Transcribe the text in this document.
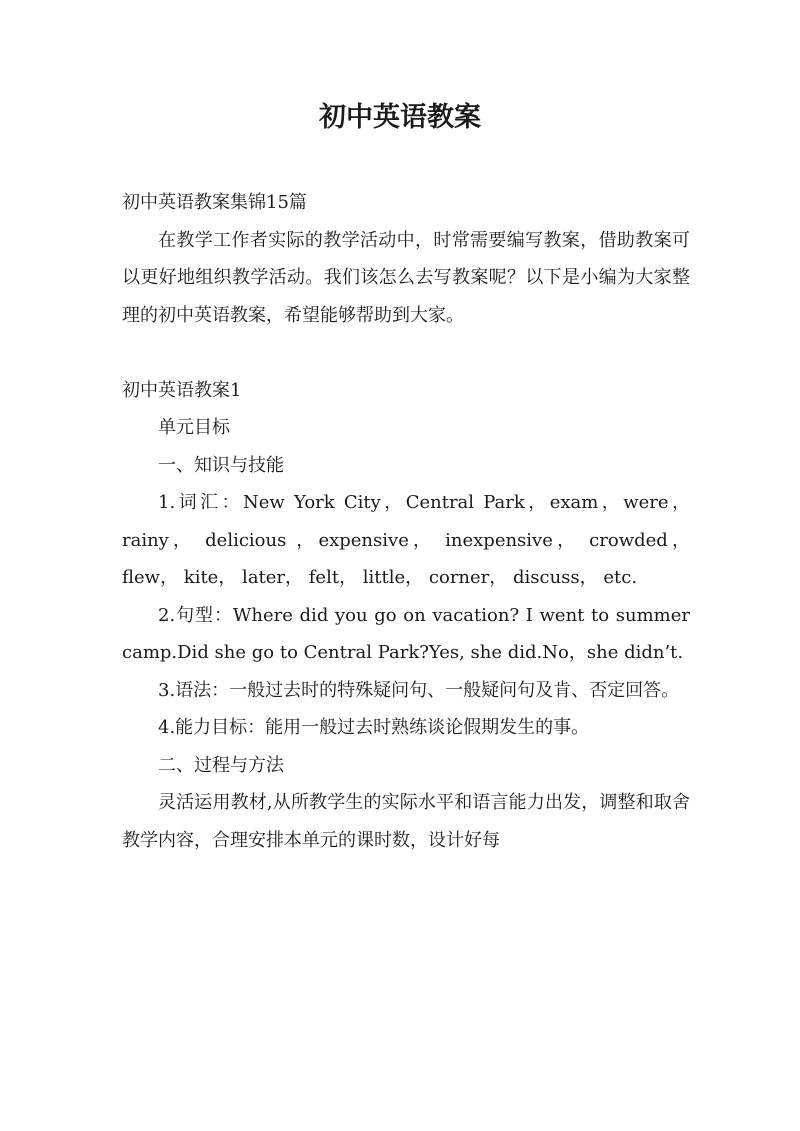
初中英语教案

初中英语教案集锦15篇

在教学工作者实际的教学活动中，时常需要编写教案，借助教案可以更好地组织教学活动。我们该怎么去写教案呢？以下是小编为大家整理的初中英语教案，希望能够帮助到大家。

初中英语教案1

单元目标

一、知识与技能

1.词汇：New York City，Central Park，exam，were，rainy， delicious ，expensive， inexpensive， crowded， flew， kite， later， felt， little， corner， discuss， etc.

2.句型：Where did you go on vacation? I went to summer camp.Did she go to Central Park?Yes, she did.No，she didn’t.

3.语法：一般过去时的特殊疑问句、一般疑问句及肯、否定回答。

4.能力目标：能用一般过去时熟练谈论假期发生的事。

二、过程与方法

灵活运用教材,从所教学生的实际水平和语言能力出发，调整和取舍教学内容，合理安排本单元的课时数，设计好每
